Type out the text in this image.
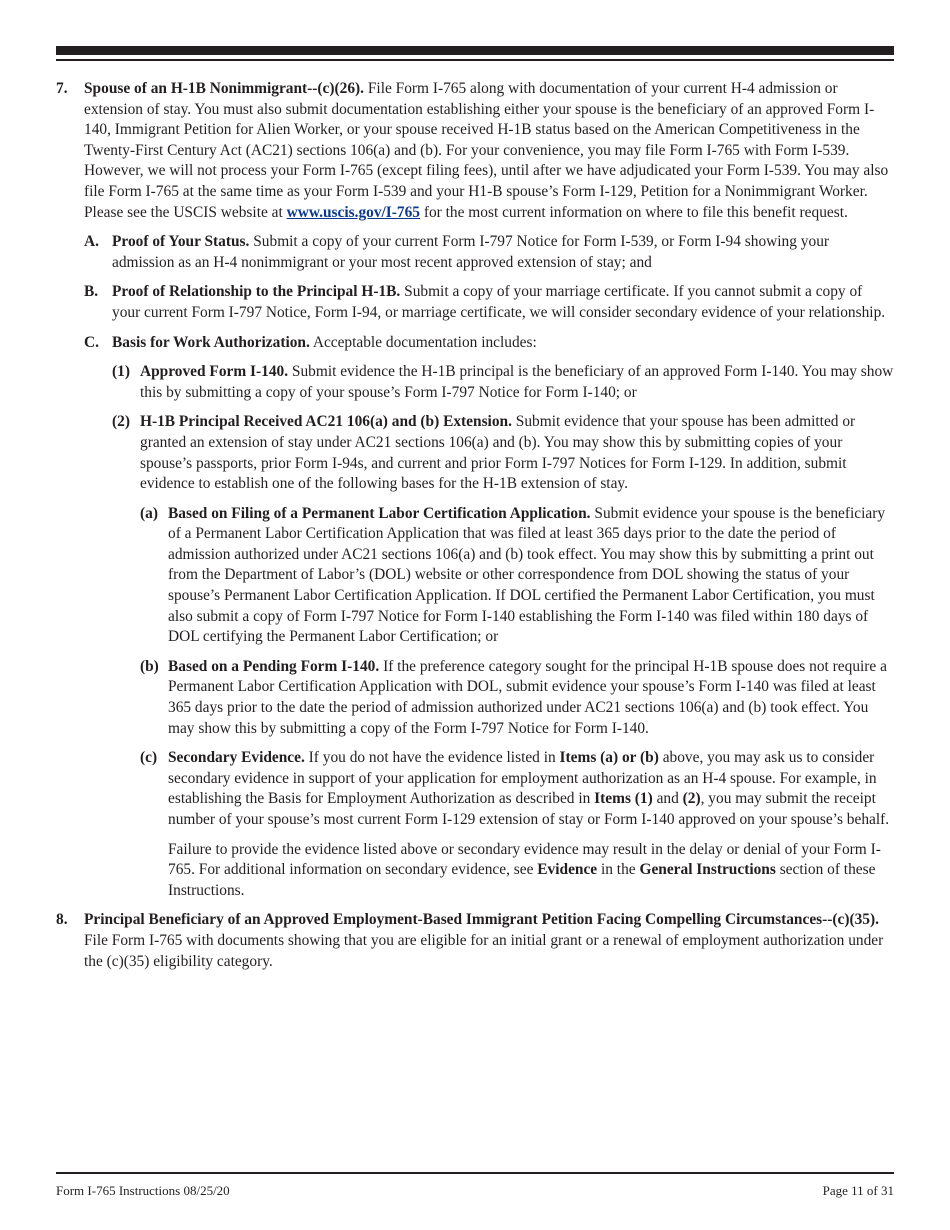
7. Spouse of an H-1B Nonimmigrant--(c)(26). File Form I-765 along with documentation of your current H-4 admission or extension of stay. You must also submit documentation establishing either your spouse is the beneficiary of an approved Form I-140, Immigrant Petition for Alien Worker, or your spouse received H-1B status based on the American Competitiveness in the Twenty-First Century Act (AC21) sections 106(a) and (b). For your convenience, you may file Form I-765 with Form I-539. However, we will not process your Form I-765 (except filing fees), until after we have adjudicated your Form I-539. You may also file Form I-765 at the same time as your Form I-539 and your H1-B spouse’s Form I-129, Petition for a Nonimmigrant Worker. Please see the USCIS website at www.uscis.gov/I-765 for the most current information on where to file this benefit request.
A. Proof of Your Status. Submit a copy of your current Form I-797 Notice for Form I-539, or Form I-94 showing your admission as an H-4 nonimmigrant or your most recent approved extension of stay; and
B. Proof of Relationship to the Principal H-1B. Submit a copy of your marriage certificate. If you cannot submit a copy of your current Form I-797 Notice, Form I-94, or marriage certificate, we will consider secondary evidence of your relationship.
C. Basis for Work Authorization. Acceptable documentation includes:
(1) Approved Form I-140. Submit evidence the H-1B principal is the beneficiary of an approved Form I-140. You may show this by submitting a copy of your spouse’s Form I-797 Notice for Form I-140; or
(2) H-1B Principal Received AC21 106(a) and (b) Extension. Submit evidence that your spouse has been admitted or granted an extension of stay under AC21 sections 106(a) and (b). You may show this by submitting copies of your spouse’s passports, prior Form I-94s, and current and prior Form I-797 Notices for Form I-129. In addition, submit evidence to establish one of the following bases for the H-1B extension of stay.
(a) Based on Filing of a Permanent Labor Certification Application. Submit evidence your spouse is the beneficiary of a Permanent Labor Certification Application that was filed at least 365 days prior to the date the period of admission authorized under AC21 sections 106(a) and (b) took effect. You may show this by submitting a print out from the Department of Labor’s (DOL) website or other correspondence from DOL showing the status of your spouse’s Permanent Labor Certification Application. If DOL certified the Permanent Labor Certification, you must also submit a copy of Form I-797 Notice for Form I-140 establishing the Form I-140 was filed within 180 days of DOL certifying the Permanent Labor Certification; or
(b) Based on a Pending Form I-140. If the preference category sought for the principal H-1B spouse does not require a Permanent Labor Certification Application with DOL, submit evidence your spouse’s Form I-140 was filed at least 365 days prior to the date the period of admission authorized under AC21 sections 106(a) and (b) took effect. You may show this by submitting a copy of the Form I-797 Notice for Form I-140.
(c) Secondary Evidence. If you do not have the evidence listed in Items (a) or (b) above, you may ask us to consider secondary evidence in support of your application for employment authorization as an H-4 spouse. For example, in establishing the Basis for Employment Authorization as described in Items (1) and (2), you may submit the receipt number of your spouse’s most current Form I-129 extension of stay or Form I-140 approved on your spouse’s behalf.
Failure to provide the evidence listed above or secondary evidence may result in the delay or denial of your Form I-765. For additional information on secondary evidence, see Evidence in the General Instructions section of these Instructions.
8. Principal Beneficiary of an Approved Employment-Based Immigrant Petition Facing Compelling Circumstances--(c)(35). File Form I-765 with documents showing that you are eligible for an initial grant or a renewal of employment authorization under the (c)(35) eligibility category.
Form I-765 Instructions 08/25/20	Page 11 of 31
